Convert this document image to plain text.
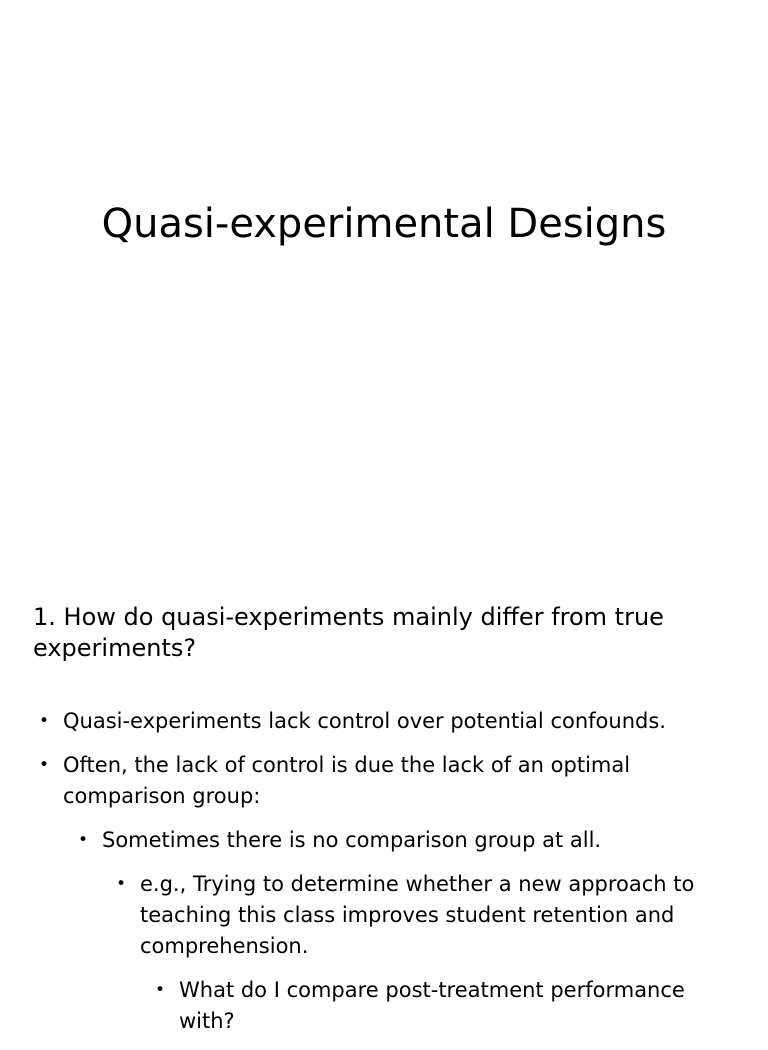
Quasi-experimental Designs
1. How do quasi-experiments mainly differ from true experiments?
• Quasi-experiments lack control over potential confounds.
• Often, the lack of control is due the lack of an optimal comparison group:
• Sometimes there is no comparison group at all.
• e.g., Trying to determine whether a new approach to teaching this class improves student retention and comprehension.
• What do I compare post-treatment performance with?
